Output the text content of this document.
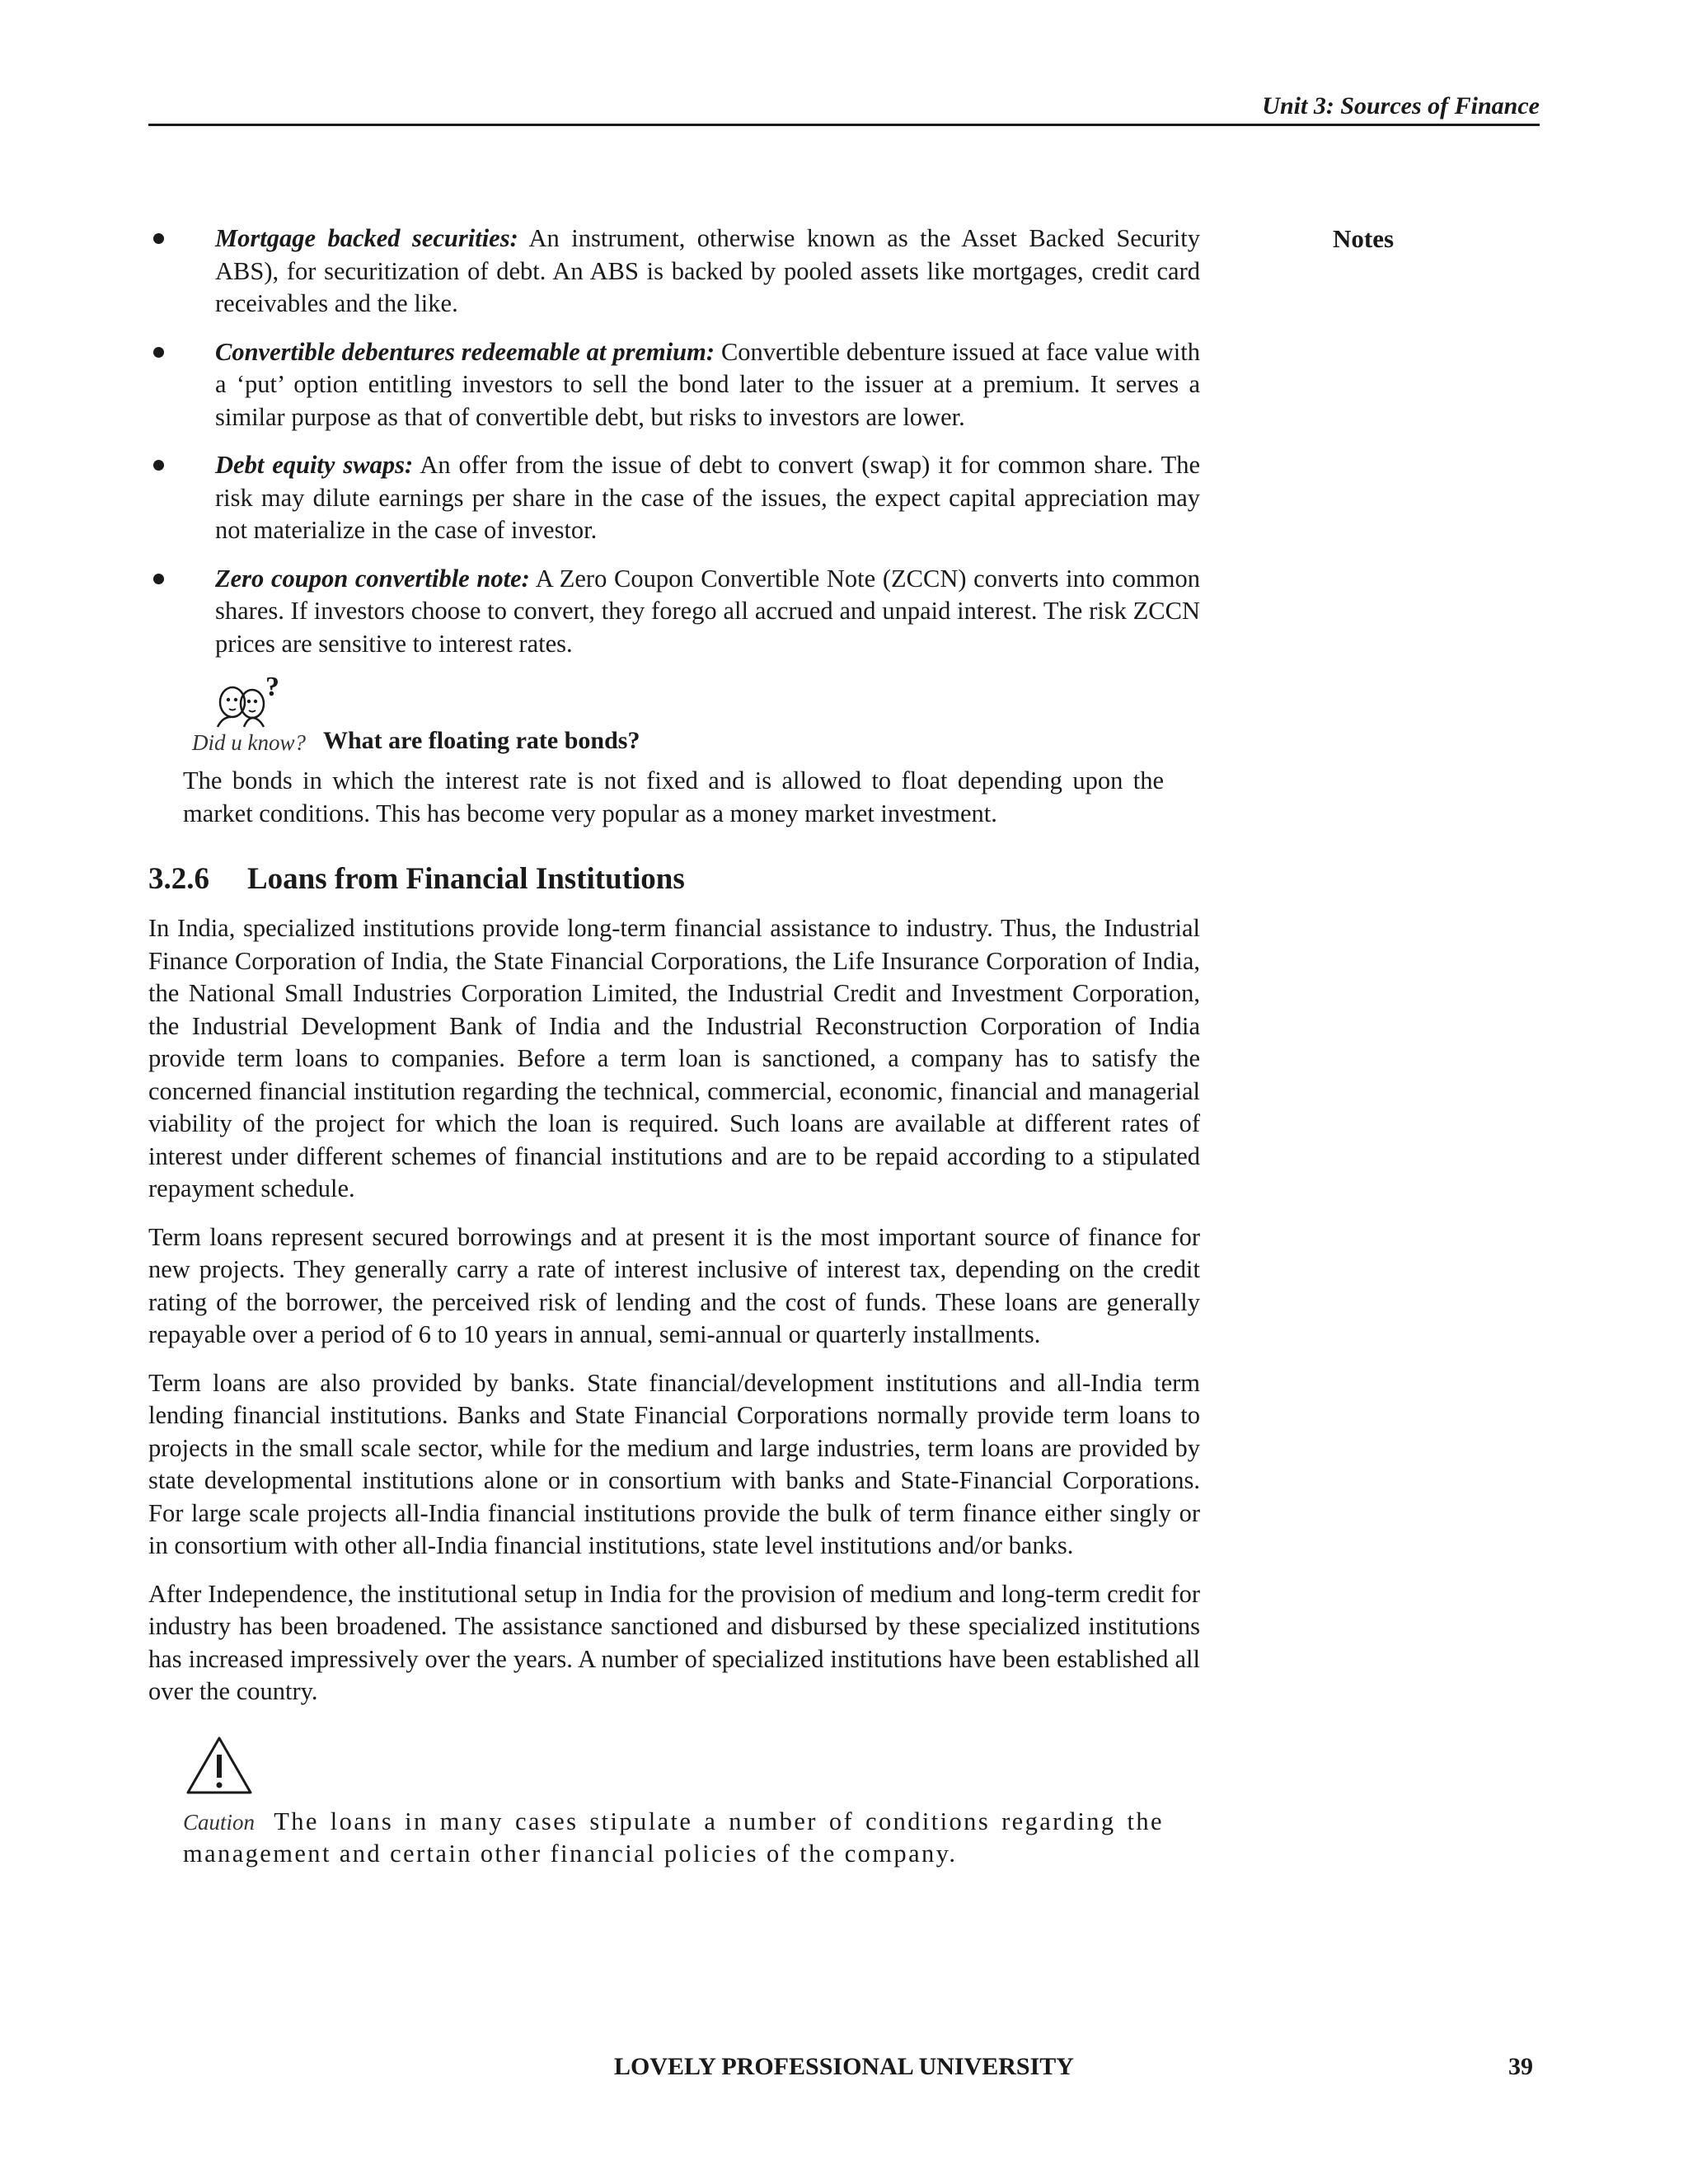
Unit 3: Sources of Finance
Notes
Mortgage backed securities: An instrument, otherwise known as the Asset Backed Security ABS), for securitization of debt. An ABS is backed by pooled assets like mortgages, credit card receivables and the like.
Convertible debentures redeemable at premium: Convertible debenture issued at face value with a ‘put’ option entitling investors to sell the bond later to the issuer at a premium. It serves a similar purpose as that of convertible debt, but risks to investors are lower.
Debt equity swaps: An offer from the issue of debt to convert (swap) it for common share. The risk may dilute earnings per share in the case of the issues, the expect capital appreciation may not materialize in the case of investor.
Zero coupon convertible note: A Zero Coupon Convertible Note (ZCCN) converts into common shares. If investors choose to convert, they forego all accrued and unpaid interest. The risk ZCCN prices are sensitive to interest rates.
?
Did u know? What are floating rate bonds?
The bonds in which the interest rate is not fixed and is allowed to float depending upon the market conditions. This has become very popular as a money market investment.
3.2.6 Loans from Financial Institutions

In India, specialized institutions provide long-term financial assistance to industry. Thus, the Industrial Finance Corporation of India, the State Financial Corporations, the Life Insurance Corporation of India, the National Small Industries Corporation Limited, the Industrial Credit and Investment Corporation, the Industrial Development Bank of India and the Industrial Reconstruction Corporation of India provide term loans to companies. Before a term loan is sanctioned, a company has to satisfy the concerned financial institution regarding the technical, commercial, economic, financial and managerial viability of the project for which the loan is required. Such loans are available at different rates of interest under different schemes of financial institutions and are to be repaid according to a stipulated repayment schedule.

Term loans represent secured borrowings and at present it is the most important source of finance for new projects. They generally carry a rate of interest inclusive of interest tax, depending on the credit rating of the borrower, the perceived risk of lending and the cost of funds. These loans are generally repayable over a period of 6 to 10 years in annual, semi-annual or quarterly installments.

Term loans are also provided by banks. State financial/development institutions and all-India term lending financial institutions. Banks and State Financial Corporations normally provide term loans to projects in the small scale sector, while for the medium and large industries, term loans are provided by state developmental institutions alone or in consortium with banks and State-Financial Corporations. For large scale projects all-India financial institutions provide the bulk of term finance either singly or in consortium with other all-India financial institutions, state level institutions and/or banks.

After Independence, the institutional setup in India for the provision of medium and long-term credit for industry has been broadened. The assistance sanctioned and disbursed by these specialized institutions has increased impressively over the years. A number of specialized institutions have been established all over the country.

Caution The loans in many cases stipulate a number of conditions regarding the management and certain other financial policies of the company.
LOVELY PROFESSIONAL UNIVERSITY	39
